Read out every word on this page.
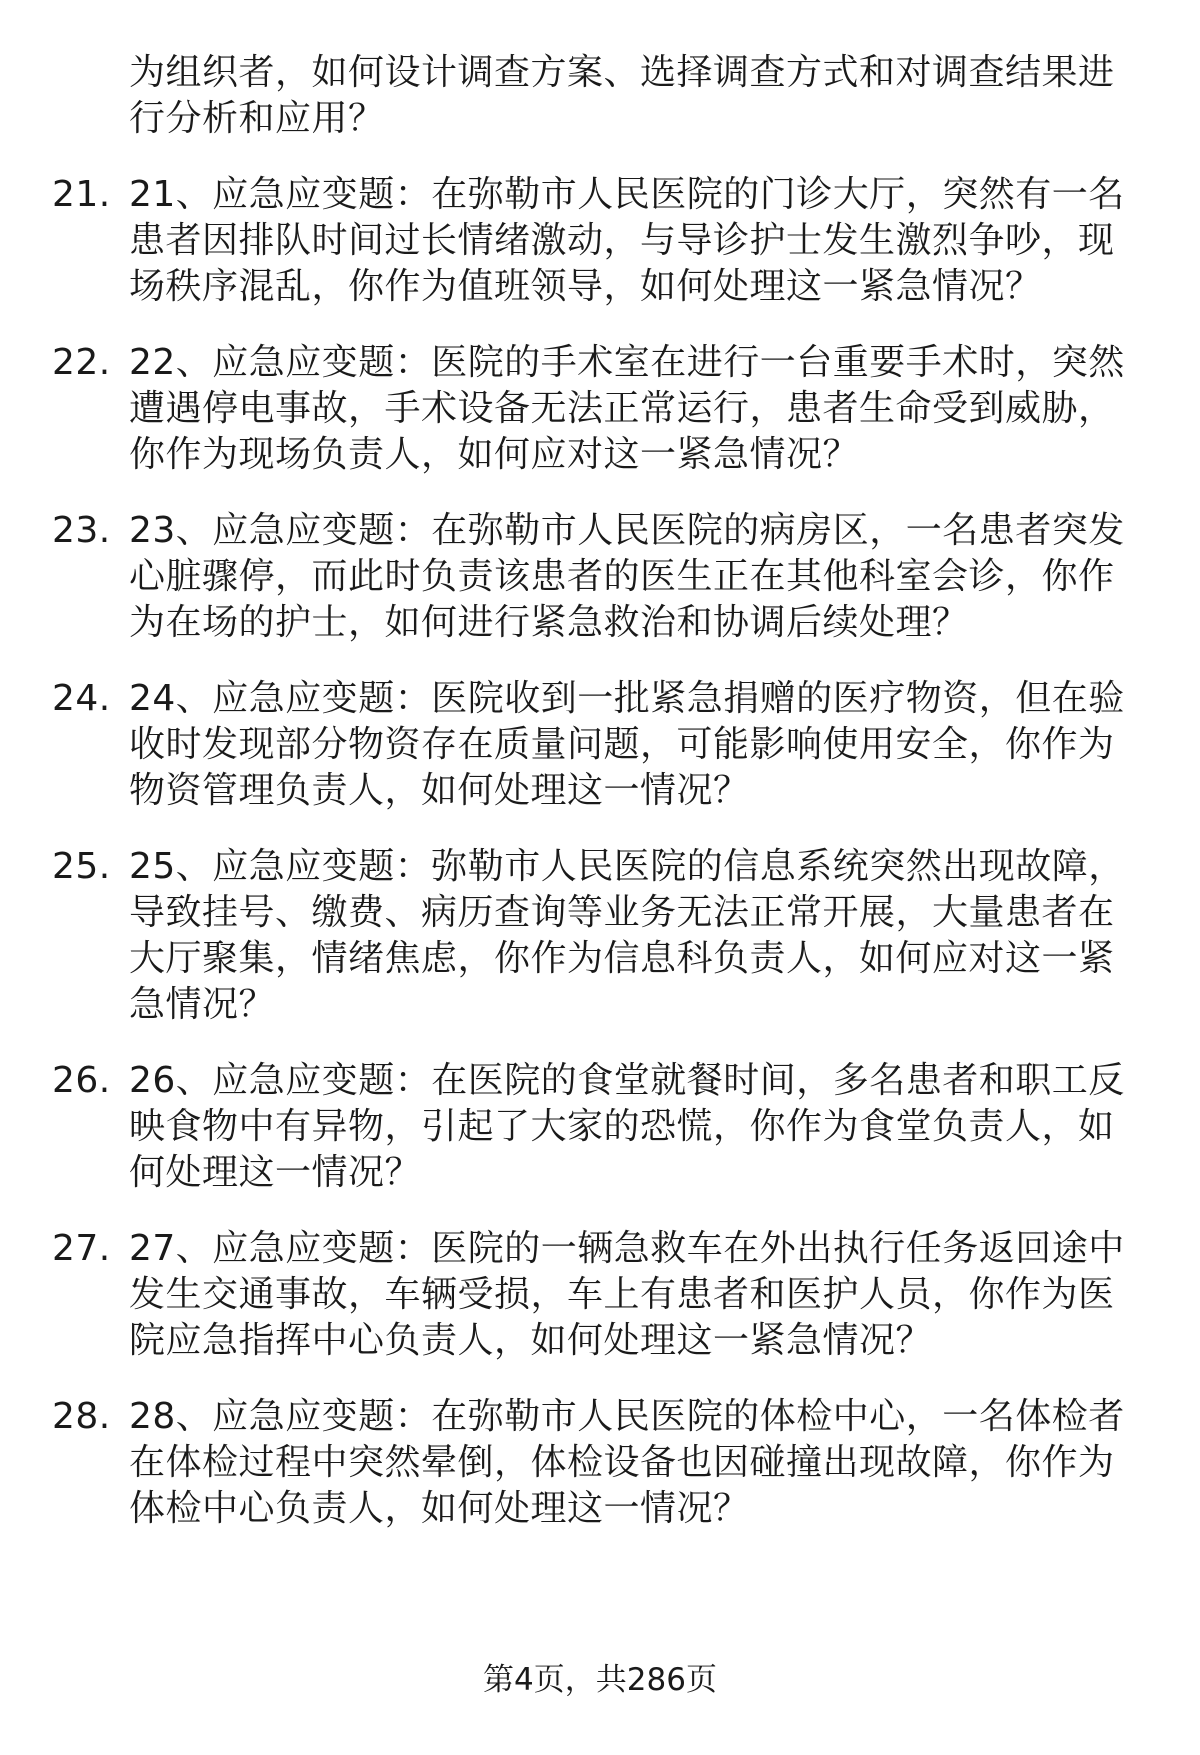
为组织者，如何设计调查方案、选择调查方式和对调查结果进行分析和应用？

21. 21、应急应变题：在弥勒市人民医院的门诊大厅，突然有一名患者因排队时间过长情绪激动，与导诊护士发生激烈争吵，现场秩序混乱，你作为值班领导，如何处理这一紧急情况？

22. 22、应急应变题：医院的手术室在进行一台重要手术时，突然遭遇停电事故，手术设备无法正常运行，患者生命受到威胁，你作为现场负责人，如何应对这一紧急情况？

23. 23、应急应变题：在弥勒市人民医院的病房区，一名患者突发心脏骤停，而此时负责该患者的医生正在其他科室会诊，你作为在场的护士，如何进行紧急救治和协调后续处理？

24. 24、应急应变题：医院收到一批紧急捐赠的医疗物资，但在验收时发现部分物资存在质量问题，可能影响使用安全，你作为物资管理负责人，如何处理这一情况？

25. 25、应急应变题：弥勒市人民医院的信息系统突然出现故障，导致挂号、缴费、病历查询等业务无法正常开展，大量患者在大厅聚集，情绪焦虑，你作为信息科负责人，如何应对这一紧急情况？

26. 26、应急应变题：在医院的食堂就餐时间，多名患者和职工反映食物中有异物，引起了大家的恐慌，你作为食堂负责人，如何处理这一情况？

27. 27、应急应变题：医院的一辆急救车在外出执行任务返回途中发生交通事故，车辆受损，车上有患者和医护人员，你作为医院应急指挥中心负责人，如何处理这一紧急情况？

28. 28、应急应变题：在弥勒市人民医院的体检中心，一名体检者在体检过程中突然晕倒，体检设备也因碰撞出现故障，你作为体检中心负责人，如何处理这一情况？

第4页，共286页
